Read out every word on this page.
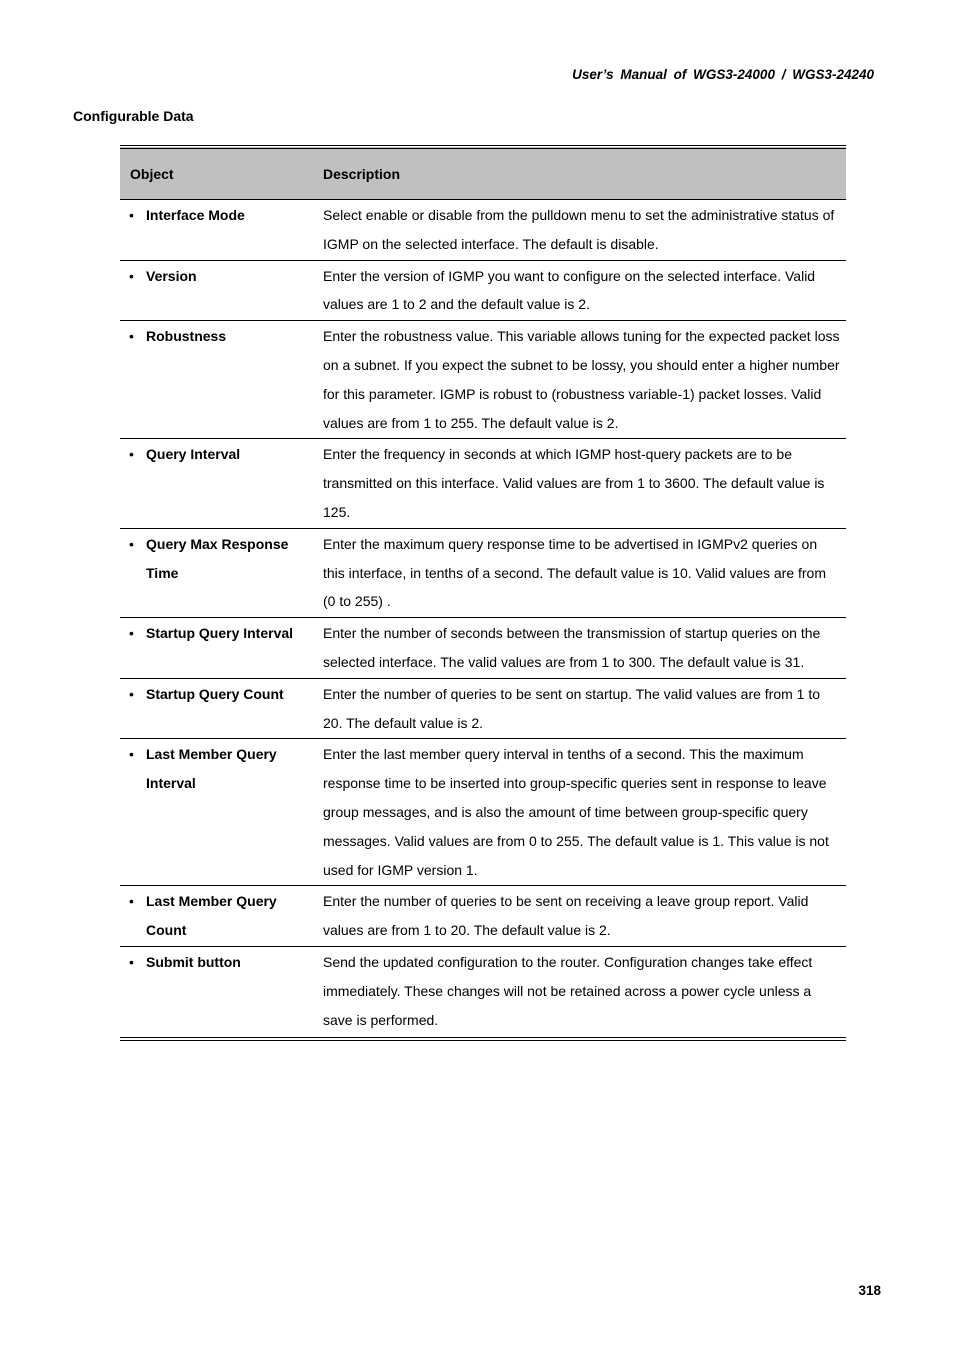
User’s Manual of WGS3-24000 / WGS3-24240
Configurable Data
Object	Description

• Interface Mode	Select enable or disable from the pulldown menu to set the administrative status of IGMP on the selected interface. The default is disable.

• Version	Enter the version of IGMP you want to configure on the selected interface. Valid values are 1 to 2 and the default value is 2.

• Robustness	Enter the robustness value. This variable allows tuning for the expected packet loss on a subnet. If you expect the subnet to be lossy, you should enter a higher number for this parameter. IGMP is robust to (robustness variable-1) packet losses. Valid values are from 1 to 255. The default value is 2.

• Query Interval	Enter the frequency in seconds at which IGMP host-query packets are to be transmitted on this interface. Valid values are from 1 to 3600. The default value is 125.

• Query Max Response Time	Enter the maximum query response time to be advertised in IGMPv2 queries on this interface, in tenths of a second. The default value is 10. Valid values are from (0 to 255) .

• Startup Query Interval	Enter the number of seconds between the transmission of startup queries on the selected interface. The valid values are from 1 to 300. The default value is 31.

• Startup Query Count	Enter the number of queries to be sent on startup. The valid values are from 1 to 20. The default value is 2.

• Last Member Query Interval	Enter the last member query interval in tenths of a second. This the maximum response time to be inserted into group-specific queries sent in response to leave group messages, and is also the amount of time between group-specific query messages. Valid values are from 0 to 255. The default value is 1. This value is not used for IGMP version 1.

• Last Member Query Count	Enter the number of queries to be sent on receiving a leave group report. Valid values are from 1 to 20. The default value is 2.

• Submit button	Send the updated configuration to the router. Configuration changes take effect immediately. These changes will not be retained across a power cycle unless a save is performed.
318
